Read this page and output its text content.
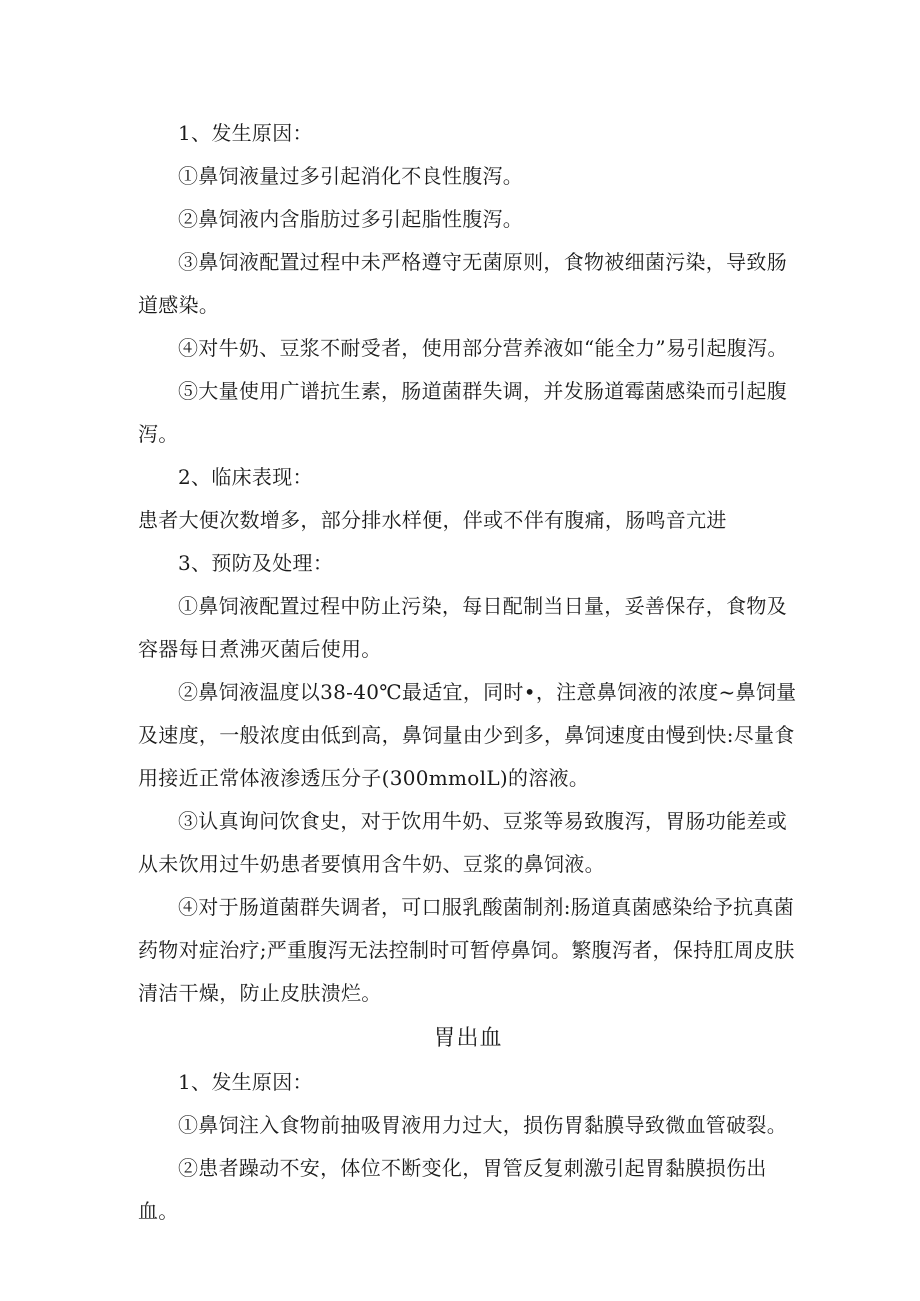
1、发生原因：

①鼻饲液量过多引起消化不良性腹泻。

②鼻饲液内含脂肪过多引起脂性腹泻。

③鼻饲液配置过程中未严格遵守无菌原则，食物被细菌污染，导致肠道感染。

④对牛奶、豆浆不耐受者，使用部分营养液如“能全力”易引起腹泻。

⑤大量使用广谱抗生素，肠道菌群失调，并发肠道霉菌感染而引起腹泻。

2、临床表现：

患者大便次数增多，部分排水样便，伴或不伴有腹痛，肠鸣音亢进

3、预防及处理：

①鼻饲液配置过程中防止污染，每日配制当日量，妥善保存，食物及容器每日煮沸灭菌后使用。

②鼻饲液温度以38-40℃最适宜，同时•，注意鼻饲液的浓度~鼻饲量及速度，一般浓度由低到高，鼻饲量由少到多，鼻饲速度由慢到快:尽量食用接近正常体液渗透压分子(300mmolL)的溶液。

③认真询问饮食史，对于饮用牛奶、豆浆等易致腹泻，胃肠功能差或从未饮用过牛奶患者要慎用含牛奶、豆浆的鼻饲液。

④对于肠道菌群失调者，可口服乳酸菌制剂:肠道真菌感染给予抗真菌药物对症治疗;严重腹泻无法控制时可暂停鼻饲。繁腹泻者，保持肛周皮肤清洁干燥，防止皮肤溃烂。

胃出血

1、发生原因：

①鼻饲注入食物前抽吸胃液用力过大，损伤胃黏膜导致微血管破裂。

②患者躁动不安，体位不断变化，胃管反复刺激引起胃黏膜损伤出血。
